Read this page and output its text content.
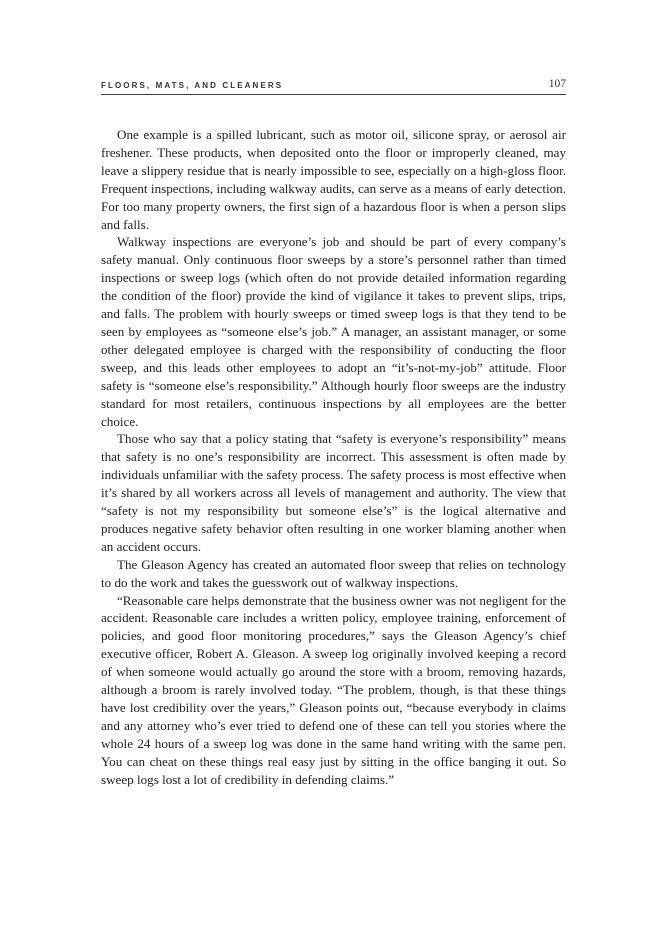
FLOORS, MATS, AND CLEANERS	107

One example is a spilled lubricant, such as motor oil, silicone spray, or aerosol air freshener. These products, when deposited onto the floor or improperly cleaned, may leave a slippery residue that is nearly impossible to see, especially on a high-gloss floor. Frequent inspections, including walkway audits, can serve as a means of early detection. For too many property owners, the first sign of a hazardous floor is when a person slips and falls.

Walkway inspections are everyone’s job and should be part of every company’s safety manual. Only continuous floor sweeps by a store’s personnel rather than timed inspections or sweep logs (which often do not provide detailed information regarding the condition of the floor) provide the kind of vigilance it takes to prevent slips, trips, and falls. The problem with hourly sweeps or timed sweep logs is that they tend to be seen by employees as “someone else’s job.” A manager, an assistant manager, or some other delegated employee is charged with the responsibility of conducting the floor sweep, and this leads other employees to adopt an “it’s-not-my-job” attitude. Floor safety is “someone else’s responsibility.” Although hourly floor sweeps are the industry standard for most retailers, continuous inspections by all employees are the better choice.

Those who say that a policy stating that “safety is everyone’s responsibility” means that safety is no one’s responsibility are incorrect. This assessment is often made by individuals unfamiliar with the safety process. The safety process is most effective when it’s shared by all workers across all levels of management and authority. The view that “safety is not my responsibility but someone else’s” is the logical alternative and produces negative safety behavior often resulting in one worker blaming another when an accident occurs.

The Gleason Agency has created an automated floor sweep that relies on technology to do the work and takes the guesswork out of walkway inspections.

“Reasonable care helps demonstrate that the business owner was not negligent for the accident. Reasonable care includes a written policy, employee training, enforcement of policies, and good floor monitoring procedures,” says the Gleason Agency’s chief executive officer, Robert A. Gleason. A sweep log originally involved keeping a record of when someone would actually go around the store with a broom, removing hazards, although a broom is rarely involved today. “The problem, though, is that these things have lost credibility over the years,” Gleason points out, “because everybody in claims and any attorney who’s ever tried to defend one of these can tell you stories where the whole 24 hours of a sweep log was done in the same hand writing with the same pen. You can cheat on these things real easy just by sitting in the office banging it out. So sweep logs lost a lot of credibility in defending claims.”
